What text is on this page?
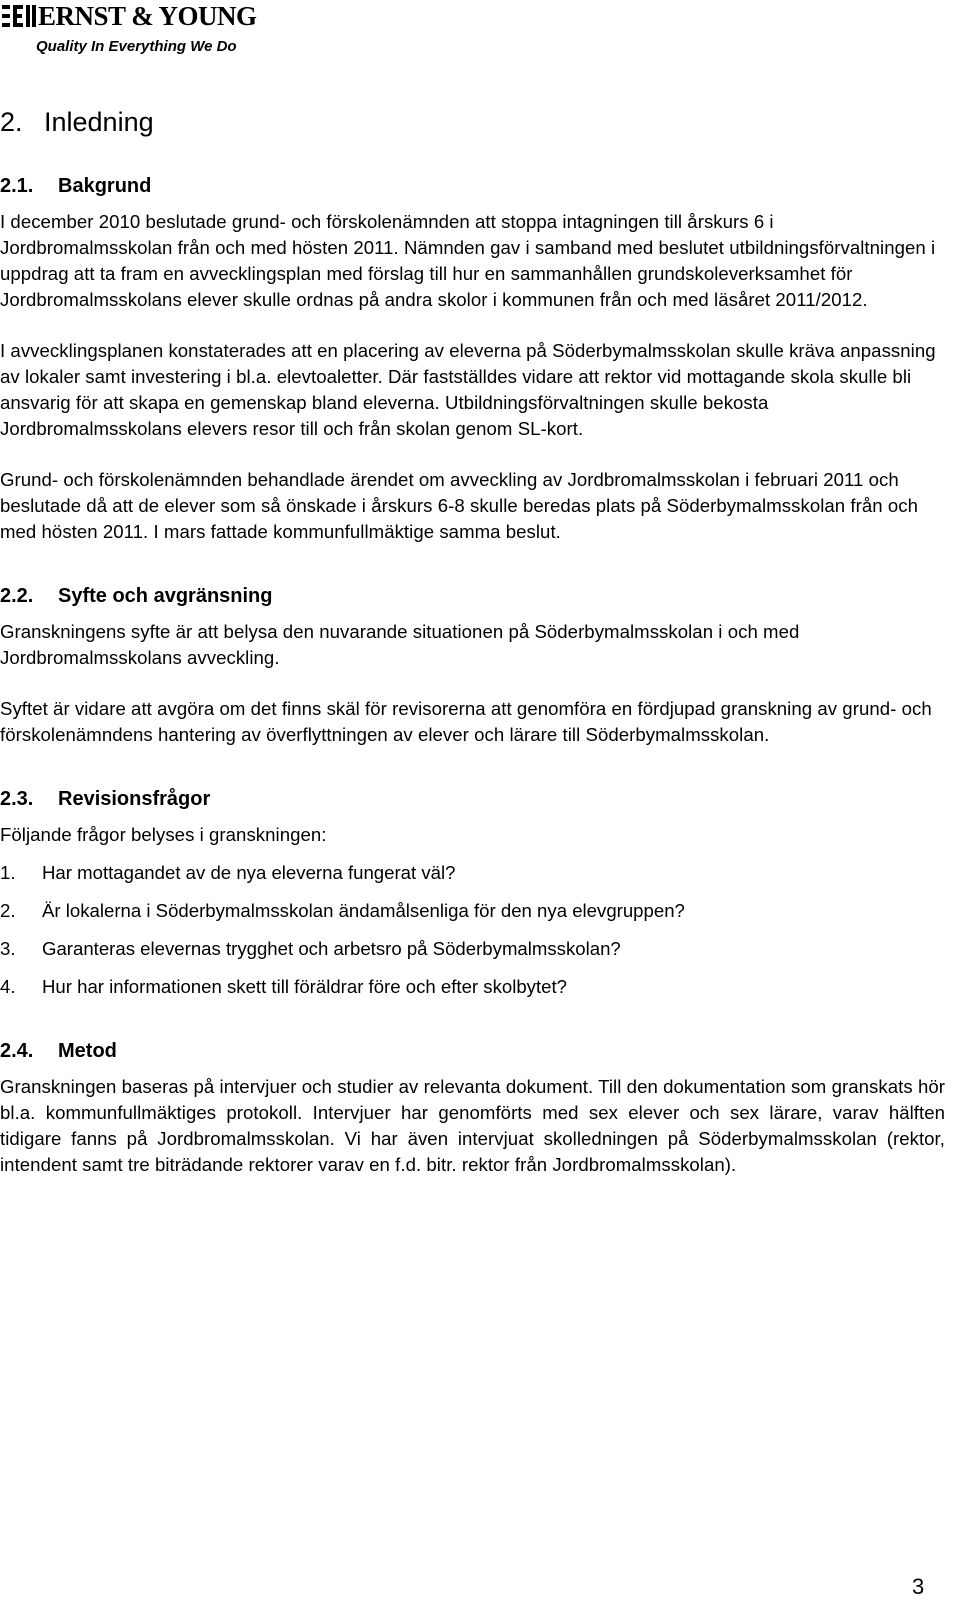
ERNST & YOUNG
Quality In Everything We Do
2. Inledning
2.1. Bakgrund

I december 2010 beslutade grund- och förskolenämnden att stoppa intagningen till årskurs 6 i Jordbromalmsskolan från och med hösten 2011. Nämnden gav i samband med beslutet utbildningsförvaltningen i uppdrag att ta fram en avvecklingsplan med förslag till hur en sammanhållen grundskoleverksamhet för Jordbromalmsskolans elever skulle ordnas på andra skolor i kommunen från och med läsåret 2011/2012.

I avvecklingsplanen konstaterades att en placering av eleverna på Söderbymalmsskolan skulle kräva anpassning av lokaler samt investering i bl.a. elevtoaletter. Där fastställdes vidare att rektor vid mottagande skola skulle bli ansvarig för att skapa en gemenskap bland eleverna. Utbildningsförvaltningen skulle bekosta Jordbromalmsskolans elevers resor till och från skolan genom SL-kort.

Grund- och förskolenämnden behandlade ärendet om avveckling av Jordbromalmsskolan i februari 2011 och beslutade då att de elever som så önskade i årskurs 6-8 skulle beredas plats på Söderbymalmsskolan från och med hösten 2011. I mars fattade kommunfullmäktige samma beslut.

2.2. Syfte och avgränsning

Granskningens syfte är att belysa den nuvarande situationen på Söderbymalmsskolan i och med Jordbromalmsskolans avveckling.

Syftet är vidare att avgöra om det finns skäl för revisorerna att genomföra en fördjupad granskning av grund- och förskolenämndens hantering av överflyttningen av elever och lärare till Söderbymalmsskolan.

2.3. Revisionsfrågor

Följande frågor belyses i granskningen:

1. Har mottagandet av de nya eleverna fungerat väl?
2. Är lokalerna i Söderbymalmsskolan ändamålsenliga för den nya elevgruppen?
3. Garanteras elevernas trygghet och arbetsro på Söderbymalmsskolan?
4. Hur har informationen skett till föräldrar före och efter skolbytet?
2.4. Metod

Granskningen baseras på intervjuer och studier av relevanta dokument. Till den dokumentation som granskats hör bl.a. kommunfullmäktiges protokoll. Intervjuer har genomförts med sex elever och sex lärare, varav hälften tidigare fanns på Jordbromalmsskolan. Vi har även intervjuat skolledningen på Söderbymalmsskolan (rektor, intendent samt tre biträdande rektorer varav en f.d. bitr. rektor från Jordbromalmsskolan).

3
